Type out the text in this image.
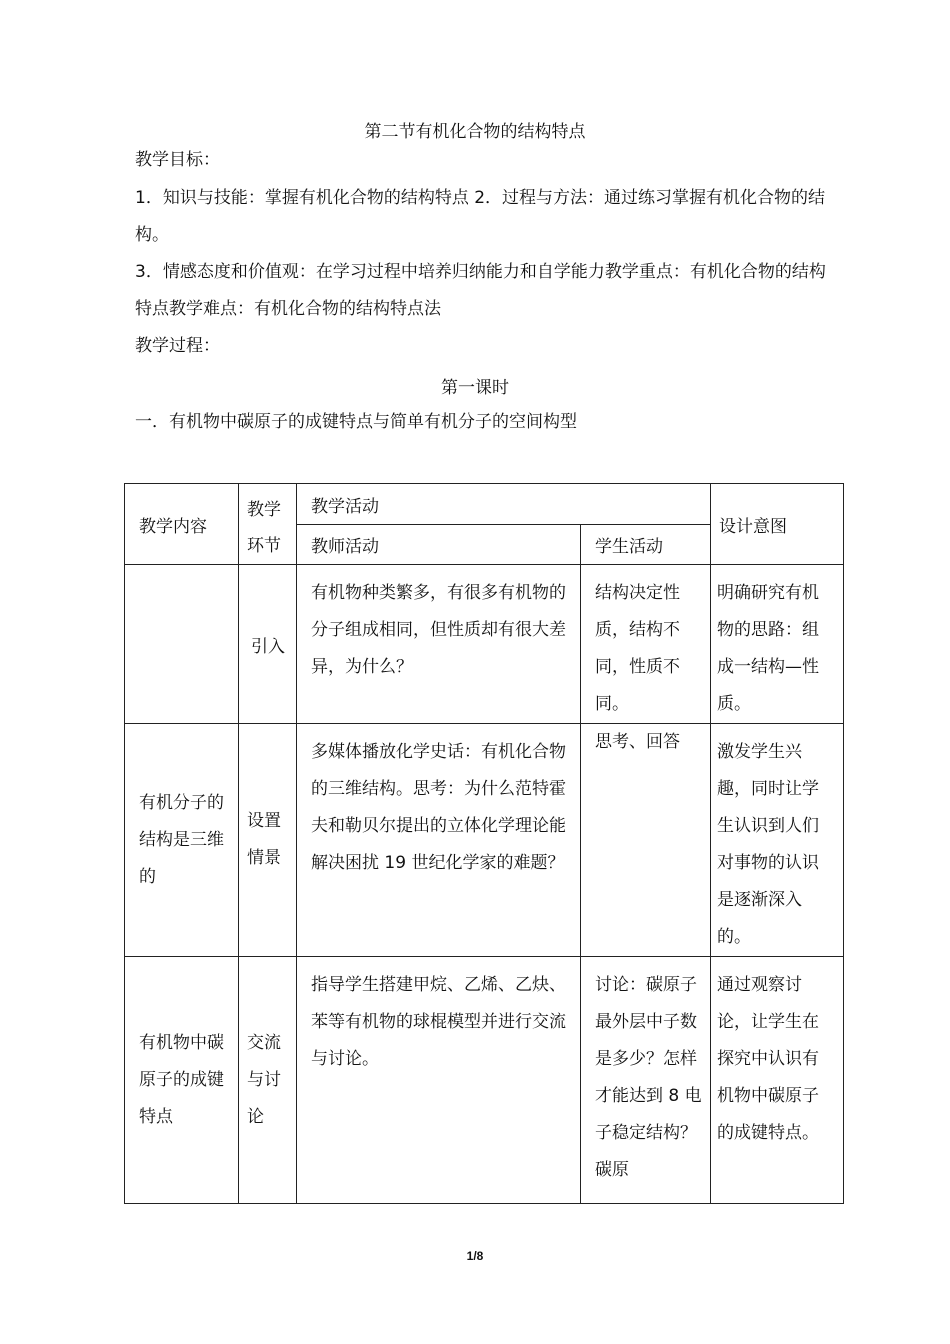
第二节有机化合物的结构特点
教学目标：
1．知识与技能：掌握有机化合物的结构特点 2．过程与方法：通过练习掌握有机化合物的结构。
3．情感态度和价值观：在学习过程中培养归纳能力和自学能力教学重点：有机化合物的结构特点教学难点：有机化合物的结构特点法
教学过程：
第一课时
一．有机物中碳原子的成键特点与简单有机分子的空间构型
教学内容	教学环节	教学活动		设计意图

		教师活动	学生活动	

	引入	有机物种类繁多，有很多有机物的分子组成相同，但性质却有很大差异，为什么？	结构决定性质，结构不同，性质不同。	明确研究有机物的思路：组成一结构—性质。

有机分子的结构是三维的	设置情景	多媒体播放化学史话：有机化合物的三维结构。思考：为什么范特霍夫和勒贝尔提出的立体化学理论能解决困扰 19 世纪化学家的难题？	思考、回答	激发学生兴趣，同时让学生认识到人们对事物的认识是逐渐深入的。

有机物中碳原子的成键特点	交流与讨论	指导学生搭建甲烷、乙烯、乙炔、苯等有机物的球棍模型并进行交流与讨论。	讨论：碳原子最外层中子数是多少？怎样才能达到 8 电子稳定结构？碳原	通过观察讨论，让学生在探究中认识有机物中碳原子的成键特点。
1/8
